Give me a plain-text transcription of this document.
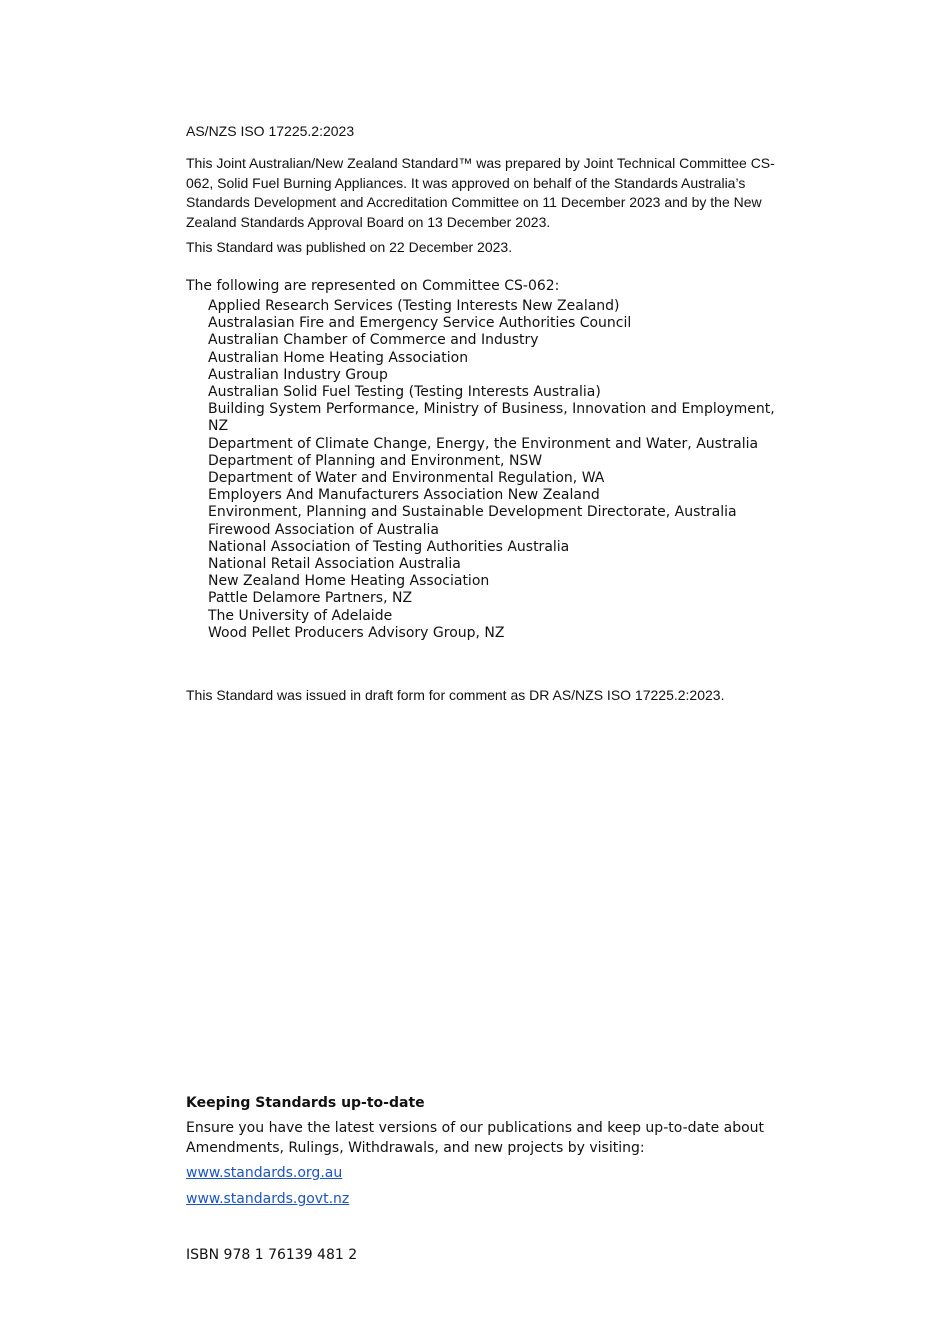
AS/NZS ISO 17225.2:2023

This Joint Australian/New Zealand Standard™ was prepared by Joint Technical Committee CS-062, Solid Fuel Burning Appliances. It was approved on behalf of the Standards Australia’s Standards Development and Accreditation Committee on 11 December 2023 and by the New Zealand Standards Approval Board on 13 December 2023.

This Standard was published on 22 December 2023.

The following are represented on Committee CS-062:

Applied Research Services (Testing Interests New Zealand)
Australasian Fire and Emergency Service Authorities Council
Australian Chamber of Commerce and Industry
Australian Home Heating Association
Australian Industry Group
Australian Solid Fuel Testing (Testing Interests Australia)
Building System Performance, Ministry of Business, Innovation and Employment, NZ
Department of Climate Change, Energy, the Environment and Water, Australia
Department of Planning and Environment, NSW
Department of Water and Environmental Regulation, WA
Employers And Manufacturers Association New Zealand
Environment, Planning and Sustainable Development Directorate, Australia
Firewood Association of Australia
National Association of Testing Authorities Australia
National Retail Association Australia
New Zealand Home Heating Association
Pattle Delamore Partners, NZ
The University of Adelaide
Wood Pellet Producers Advisory Group, NZ

This Standard was issued in draft form for comment as DR AS/NZS ISO 17225.2:2023.

Keeping Standards up-to-date

Ensure you have the latest versions of our publications and keep up-to-date about Amendments, Rulings, Withdrawals, and new projects by visiting:

www.standards.org.au
www.standards.govt.nz

ISBN 978 1 76139 481 2
